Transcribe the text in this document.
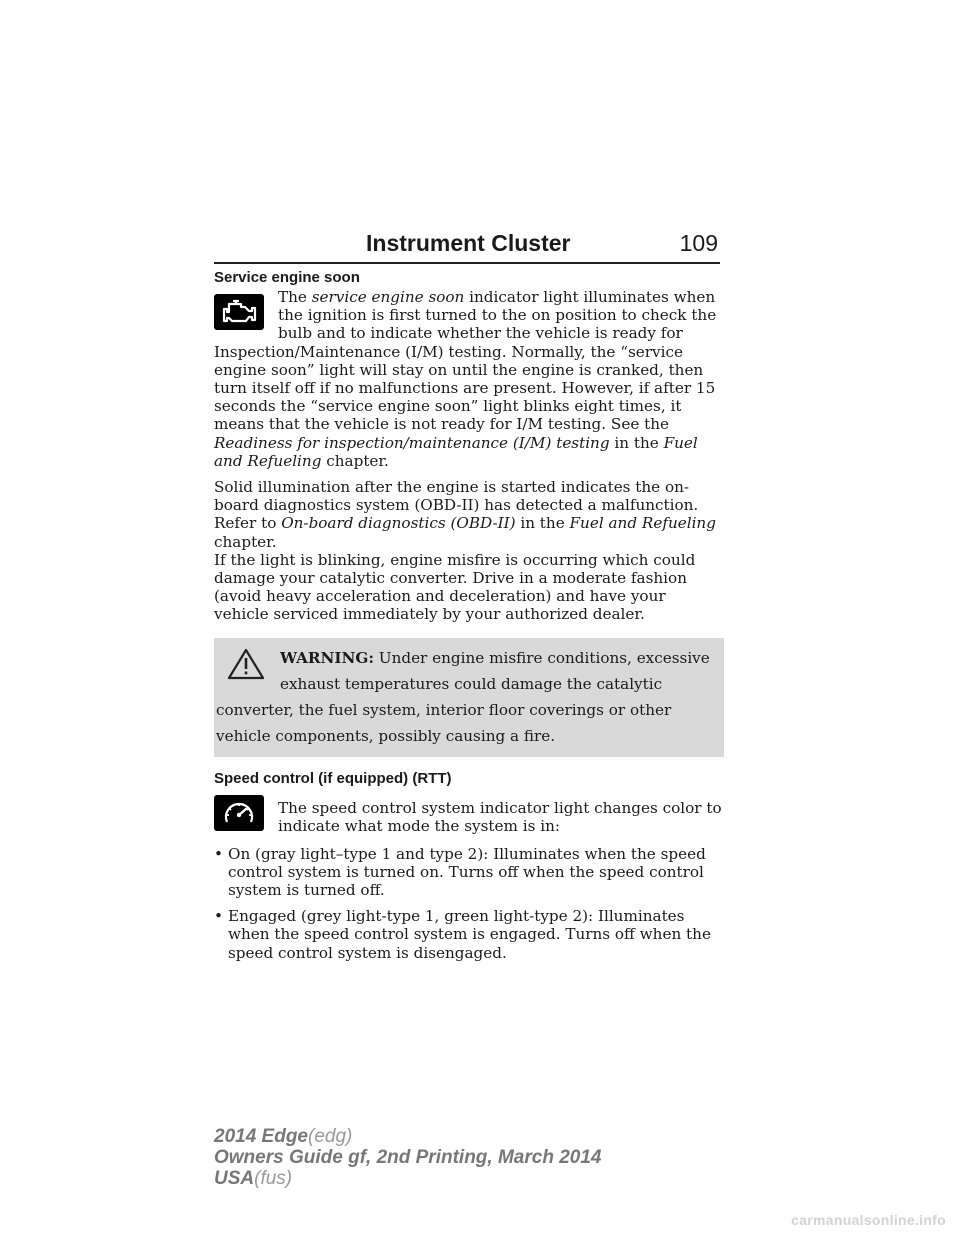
Instrument Cluster	109
Service engine soon

The service engine soon indicator light illuminates when the ignition is first turned to the on position to check the bulb and to indicate whether the vehicle is ready for Inspection/Maintenance (I/M) testing. Normally, the “service engine soon” light will stay on until the engine is cranked, then turn itself off if no malfunctions are present. However, if after 15 seconds the “service engine soon” light blinks eight times, it means that the vehicle is not ready for I/M testing. See the Readiness for inspection/maintenance (I/M) testing in the Fuel and Refueling chapter.

Solid illumination after the engine is started indicates the on-board diagnostics system (OBD-II) has detected a malfunction. Refer to On-board diagnostics (OBD-II) in the Fuel and Refueling chapter.

If the light is blinking, engine misfire is occurring which could damage your catalytic converter. Drive in a moderate fashion (avoid heavy acceleration and deceleration) and have your vehicle serviced immediately by your authorized dealer.

WARNING: Under engine misfire conditions, excessive exhaust temperatures could damage the catalytic converter, the fuel system, interior floor coverings or other vehicle components, possibly causing a fire.
Speed control (if equipped) (RTT)

The speed control system indicator light changes color to indicate what mode the system is in:

• On (gray light–type 1 and type 2): Illuminates when the speed control system is turned on. Turns off when the speed control system is turned off.
• Engaged (grey light-type 1, green light-type 2): Illuminates when the speed control system is engaged. Turns off when the speed control system is disengaged.
2014 Edge(edg)
Owners Guide gf, 2nd Printing, March 2014
USA(fus)
carmanualsonline.info
